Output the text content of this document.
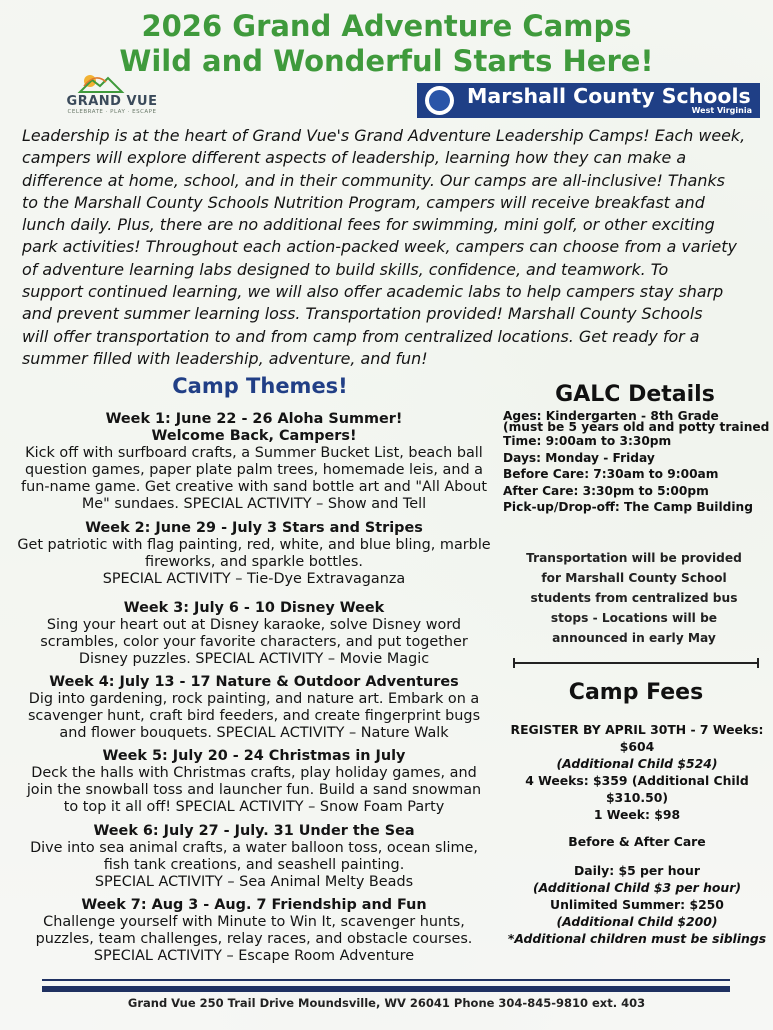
2026 Grand Adventure Camps
Wild and Wonderful Starts Here!
GRAND VUE
CELEBRATE · PLAY · ESCAPE
Marshall County Schools
West Virginia
Leadership is at the heart of Grand Vue's Grand Adventure Leadership Camps! Each week,
campers will explore different aspects of leadership, learning how they can make a
difference at home, school, and in their community. Our camps are all-inclusive! Thanks
to the Marshall County Schools Nutrition Program, campers will receive breakfast and
lunch daily. Plus, there are no additional fees for swimming, mini golf, or other exciting
park activities! Throughout each action-packed week, campers can choose from a variety
of adventure learning labs designed to build skills, confidence, and teamwork. To
support continued learning, we will also offer academic labs to help campers stay sharp
and prevent summer learning loss. Transportation provided! Marshall County Schools
will offer transportation to and from camp from centralized locations. Get ready for a
summer filled with leadership, adventure, and fun!
Camp Themes!
Week 1: June 22 - 26 Aloha Summer!
Welcome Back, Campers!
Kick off with surfboard crafts, a Summer Bucket List, beach ball
question games, paper plate palm trees, homemade leis, and a
fun-name game. Get creative with sand bottle art and "All About
Me" sundaes. SPECIAL ACTIVITY – Show and Tell
Week 2: June 29 - July 3 Stars and Stripes
Get patriotic with flag painting, red, white, and blue bling, marble
fireworks, and sparkle bottles.
SPECIAL ACTIVITY – Tie-Dye Extravaganza
Week 3: July 6 - 10 Disney Week
Sing your heart out at Disney karaoke, solve Disney word
scrambles, color your favorite characters, and put together
Disney puzzles. SPECIAL ACTIVITY – Movie Magic
Week 4: July 13 - 17 Nature & Outdoor Adventures
Dig into gardening, rock painting, and nature art. Embark on a
scavenger hunt, craft bird feeders, and create fingerprint bugs
and flower bouquets. SPECIAL ACTIVITY – Nature Walk
Week 5: July 20 - 24 Christmas in July
Deck the halls with Christmas crafts, play holiday games, and
join the snowball toss and launcher fun. Build a sand snowman
to top it all off! SPECIAL ACTIVITY – Snow Foam Party
Week 6: July 27 - July. 31 Under the Sea
Dive into sea animal crafts, a water balloon toss, ocean slime,
fish tank creations, and seashell painting.
SPECIAL ACTIVITY – Sea Animal Melty Beads
Week 7: Aug 3 - Aug. 7 Friendship and Fun
Challenge yourself with Minute to Win It, scavenger hunts,
puzzles, team challenges, relay races, and obstacle courses.
SPECIAL ACTIVITY – Escape Room Adventure
GALC Details
Ages: Kindergarten - 8th Grade
(must be 5 years old and potty trained
Time: 9:00am to 3:30pm
Days: Monday - Friday
Before Care: 7:30am to 9:00am
After Care: 3:30pm to 5:00pm
Pick-up/Drop-off: The Camp Building
Transportation will be provided
for Marshall County School
students from centralized bus
stops - Locations will be
announced in early May
Camp Fees
REGISTER BY APRIL 30TH - 7 Weeks:
$604
(Additional Child $524)
4 Weeks: $359 (Additional Child
$310.50)
1 Week: $98
Before & After Care
Daily: $5 per hour
(Additional Child $3 per hour)
Unlimited Summer: $250
(Additional Child $200)
*Additional children must be siblings
Grand Vue 250 Trail Drive Moundsville, WV 26041 Phone 304-845-9810 ext. 403
